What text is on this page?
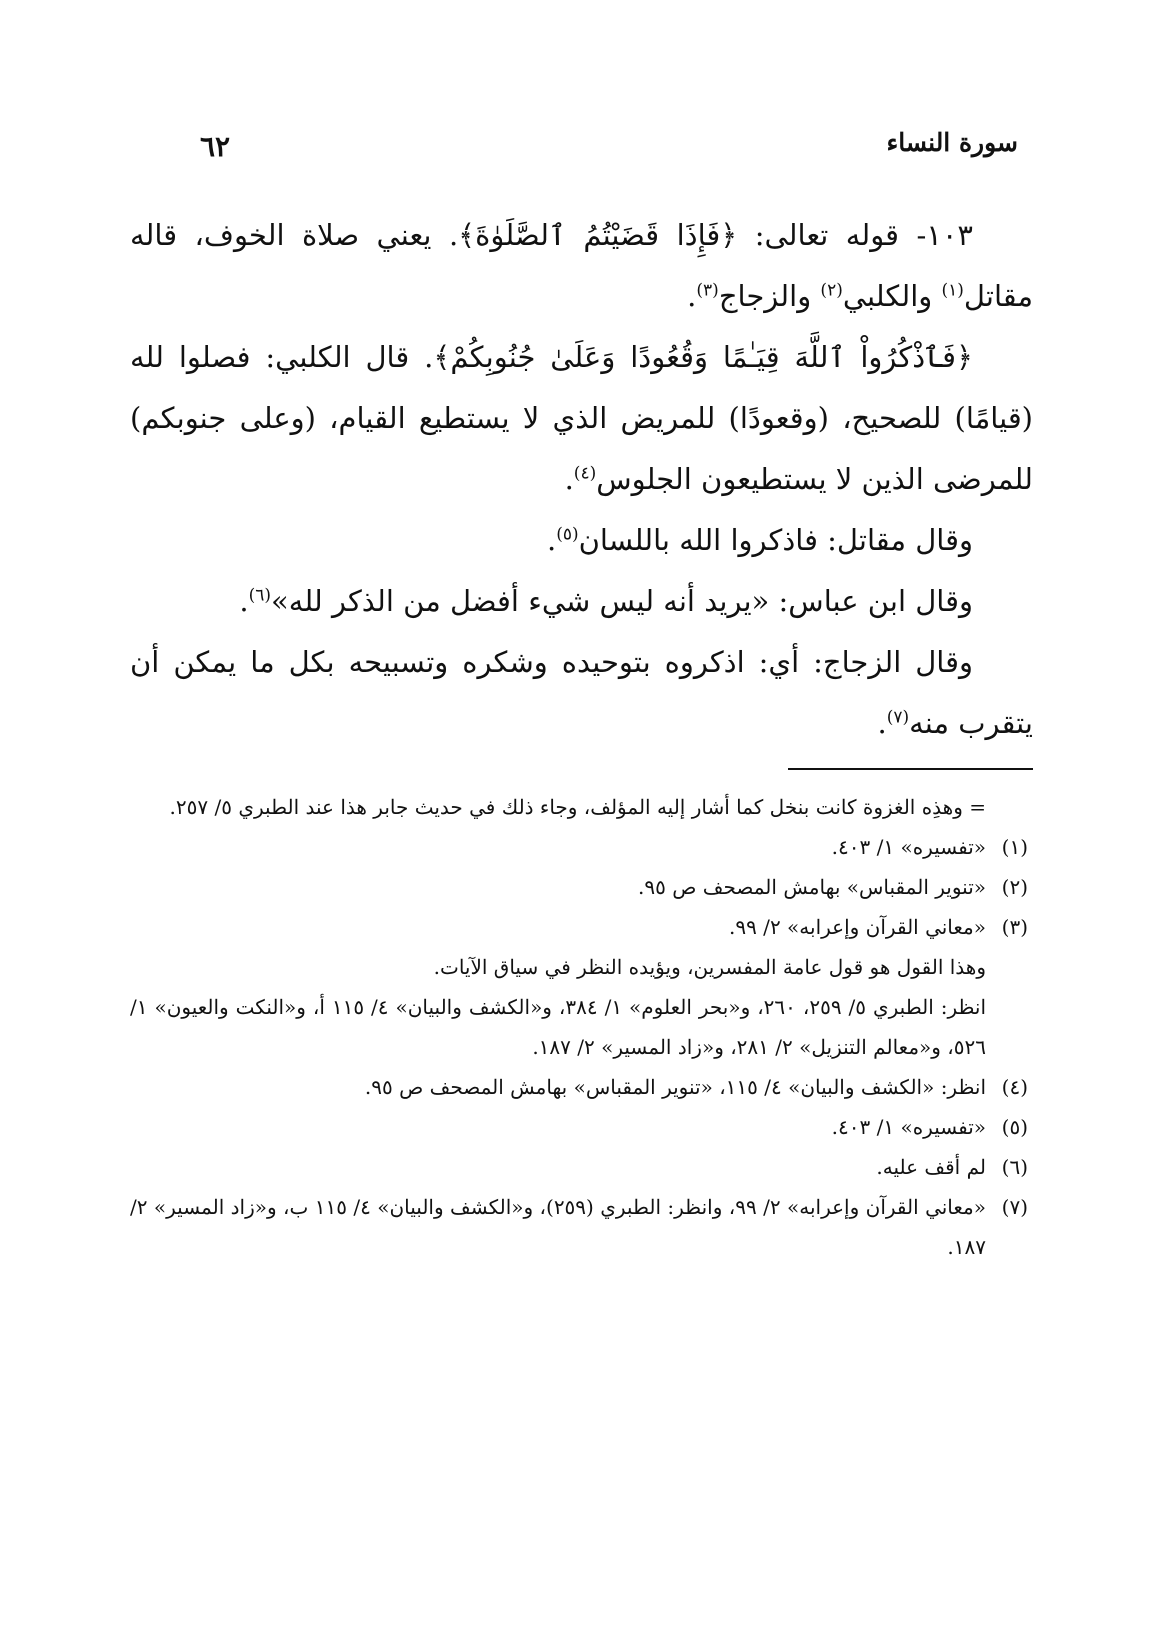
٦٢	سورة النساء

١٠٣- قوله تعالى: ﴿فَإِذَا قَضَيْتُمُ ٱلصَّلَوٰةَ﴾. يعني صلاة الخوف، قاله مقاتل$^{(١)}$ والكلبي$^{(٢)}$ والزجاج$^{(٣)}$.

﴿فَٱذْكُرُواْ ٱللَّهَ قِيَـٰمًا وَقُعُودًا وَعَلَىٰ جُنُوبِكُمْ﴾. قال الكلبي: فصلوا لله (قيامًا) للصحيح، (وقعودًا) للمريض الذي لا يستطيع القيام، (وعلى جنوبكم) للمرضى الذين لا يستطيعون الجلوس$^{(٤)}$.

وقال مقاتل: فاذكروا الله باللسان$^{(٥)}$.

وقال ابن عباس: «يريد أنه ليس شيء أفضل من الذكر لله»$^{(٦)}$.

وقال الزجاج: أي: اذكروه بتوحيده وشكره وتسبيحه بكل ما يمكن أن يتقرب منه$^{(٧)}$.

= وهذِه الغزوة كانت بنخل كما أشار إليه المؤلف، وجاء ذلك في حديث جابر هذا عند الطبري ٥/ ٢٥٧.

(١)
«تفسيره» ١/ ٤٠٣.

(٢)
«تنوير المقباس» بهامش المصحف ص ٩٥.

(٣)
«معاني القرآن وإعرابه» ٢/ ٩٩.
وهذا القول هو قول عامة المفسرين، ويؤيده النظر في سياق الآيات.
انظر: الطبري ٥/ ٢٥٩، ٢٦٠، و«بحر العلوم» ١/ ٣٨٤، و«الكشف والبيان» ٤/ ١١٥ أ، و«النكت والعيون» ١/ ٥٢٦، و«معالم التنزيل» ٢/ ٢٨١، و«زاد المسير» ٢/ ١٨٧.

(٤)
انظر: «الكشف والبيان» ٤/ ١١٥، «تنوير المقباس» بهامش المصحف ص ٩٥.

(٥)
«تفسيره» ١/ ٤٠٣.

(٦)
لم أقف عليه.

(٧)
«معاني القرآن وإعرابه» ٢/ ٩٩، وانظر: الطبري (٢٥٩)، و«الكشف والبيان» ٤/ ١١٥ ب، و«زاد المسير» ٢/ ١٨٧.
